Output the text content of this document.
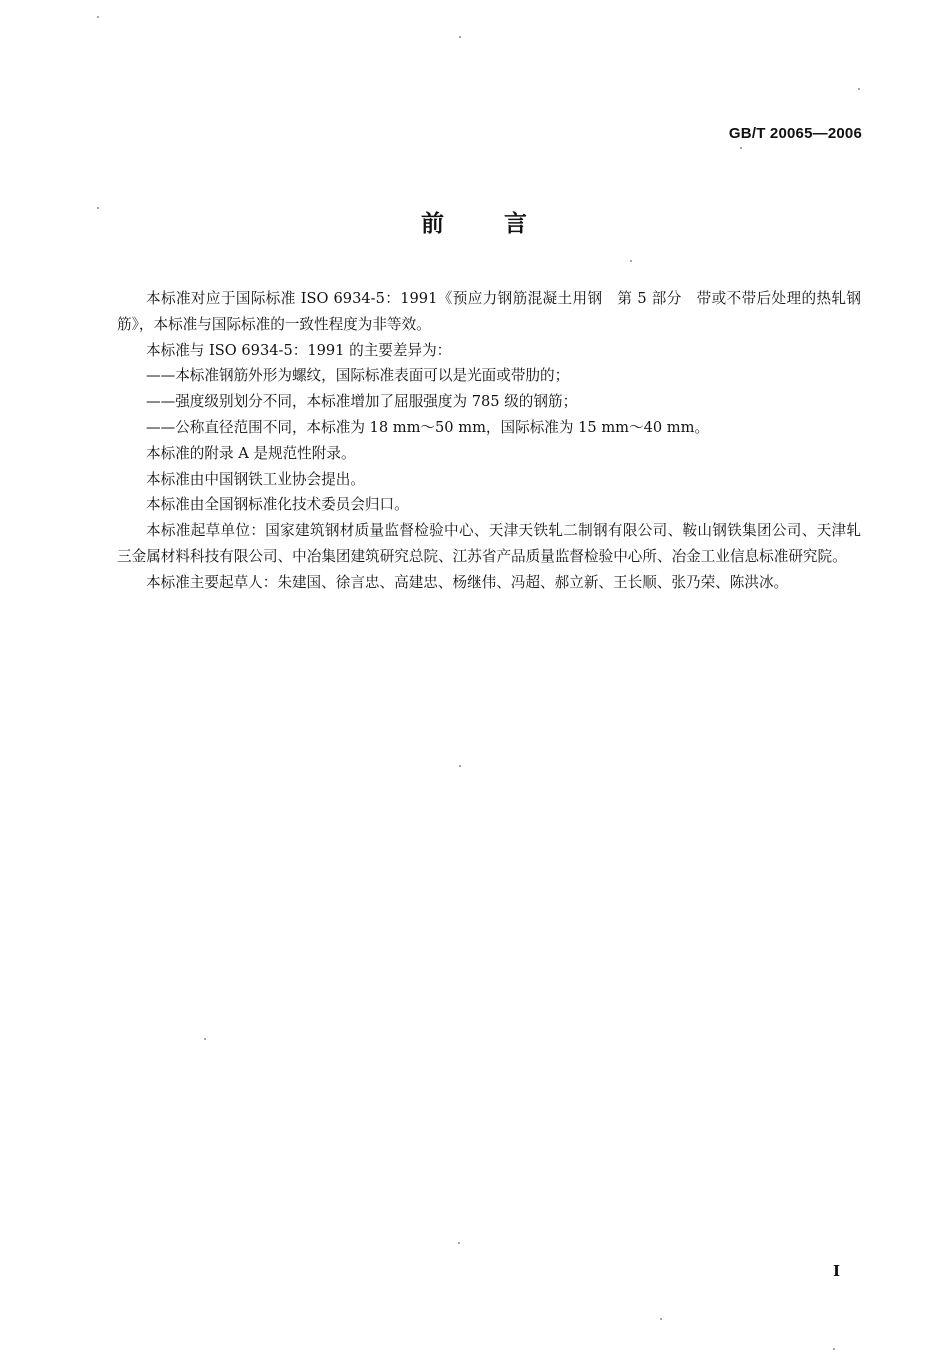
GB/T 20065—2006
前	言

本标准对应于国际标准 ISO 6934-5：1991《预应力钢筋混凝土用钢　第 5 部分　带或不带后处理的热轧钢筋》，本标准与国际标准的一致性程度为非等效。

本标准与 ISO 6934-5：1991 的主要差异为：

——本标准钢筋外形为螺纹，国际标准表面可以是光面或带肋的；

——强度级别划分不同，本标准增加了屈服强度为 785 级的钢筋；

——公称直径范围不同，本标准为 18 mm～50 mm，国际标准为 15 mm～40 mm。

本标准的附录 A 是规范性附录。

本标准由中国钢铁工业协会提出。

本标准由全国钢标准化技术委员会归口。

本标准起草单位：国家建筑钢材质量监督检验中心、天津天铁轧二制钢有限公司、鞍山钢铁集团公司、天津轧三金属材料科技有限公司、中冶集团建筑研究总院、江苏省产品质量监督检验中心所、冶金工业信息标准研究院。

本标准主要起草人：朱建国、徐言忠、高建忠、杨继伟、冯超、郝立新、王长顺、张乃荣、陈洪冰。

I
